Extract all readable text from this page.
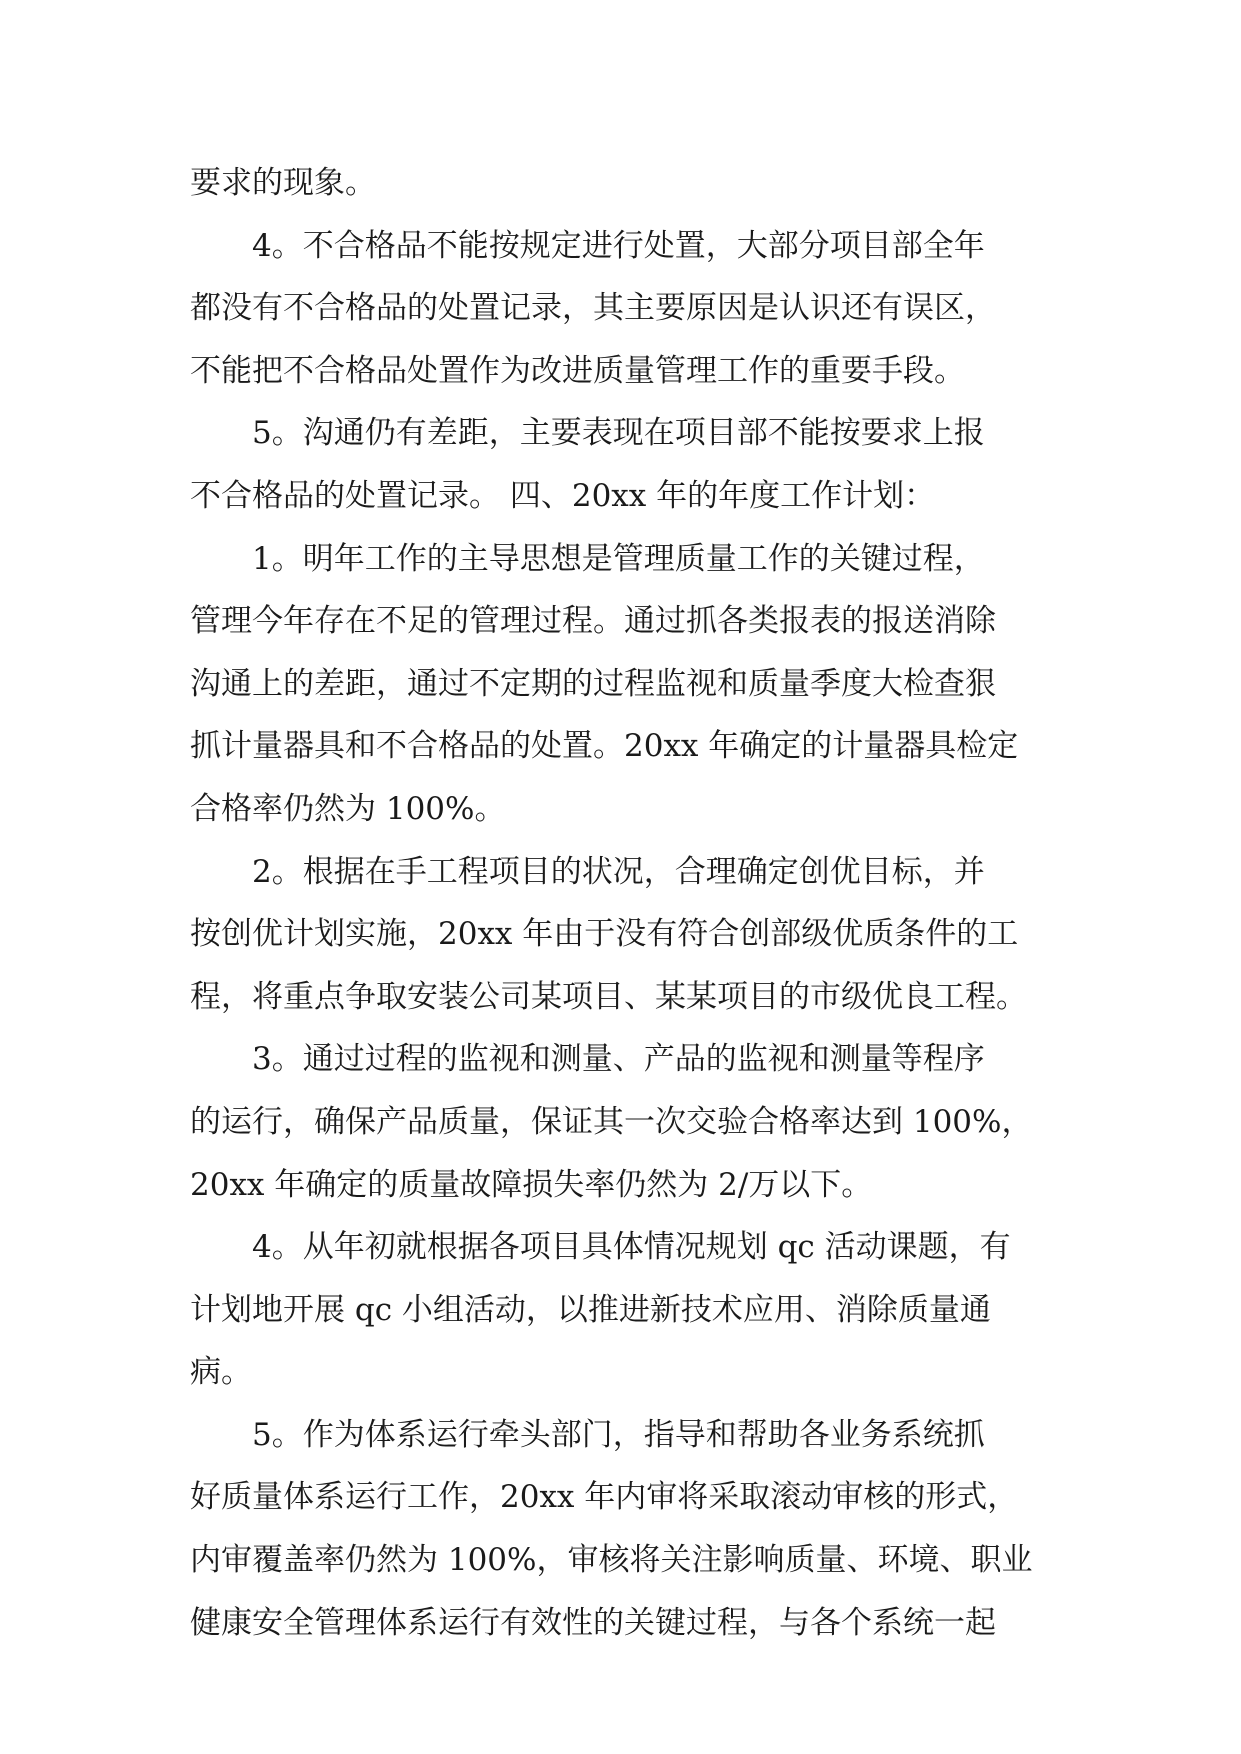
要求的现象。
4。不合格品不能按规定进行处置，大部分项目部全年
都没有不合格品的处置记录，其主要原因是认识还有误区，
不能把不合格品处置作为改进质量管理工作的重要手段。
5。沟通仍有差距，主要表现在项目部不能按要求上报
不合格品的处置记录。 四、20xx 年的年度工作计划：
1。明年工作的主导思想是管理质量工作的关键过程，
管理今年存在不足的管理过程。通过抓各类报表的报送消除
沟通上的差距，通过不定期的过程监视和质量季度大检查狠
抓计量器具和不合格品的处置。20xx 年确定的计量器具检定
合格率仍然为 100%。
2。根据在手工程项目的状况，合理确定创优目标，并
按创优计划实施，20xx 年由于没有符合创部级优质条件的工
程，将重点争取安装公司某项目、某某项目的市级优良工程。
3。通过过程的监视和测量、产品的监视和测量等程序
的运行，确保产品质量，保证其一次交验合格率达到 100%，
20xx 年确定的质量故障损失率仍然为 2/万以下。
4。从年初就根据各项目具体情况规划 qc 活动课题，有
计划地开展 qc 小组活动，以推进新技术应用、消除质量通
病。
5。作为体系运行牵头部门，指导和帮助各业务系统抓
好质量体系运行工作，20xx 年内审将采取滚动审核的形式，
内审覆盖率仍然为 100%，审核将关注影响质量、环境、职业
健康安全管理体系运行有效性的关键过程，与各个系统一起
